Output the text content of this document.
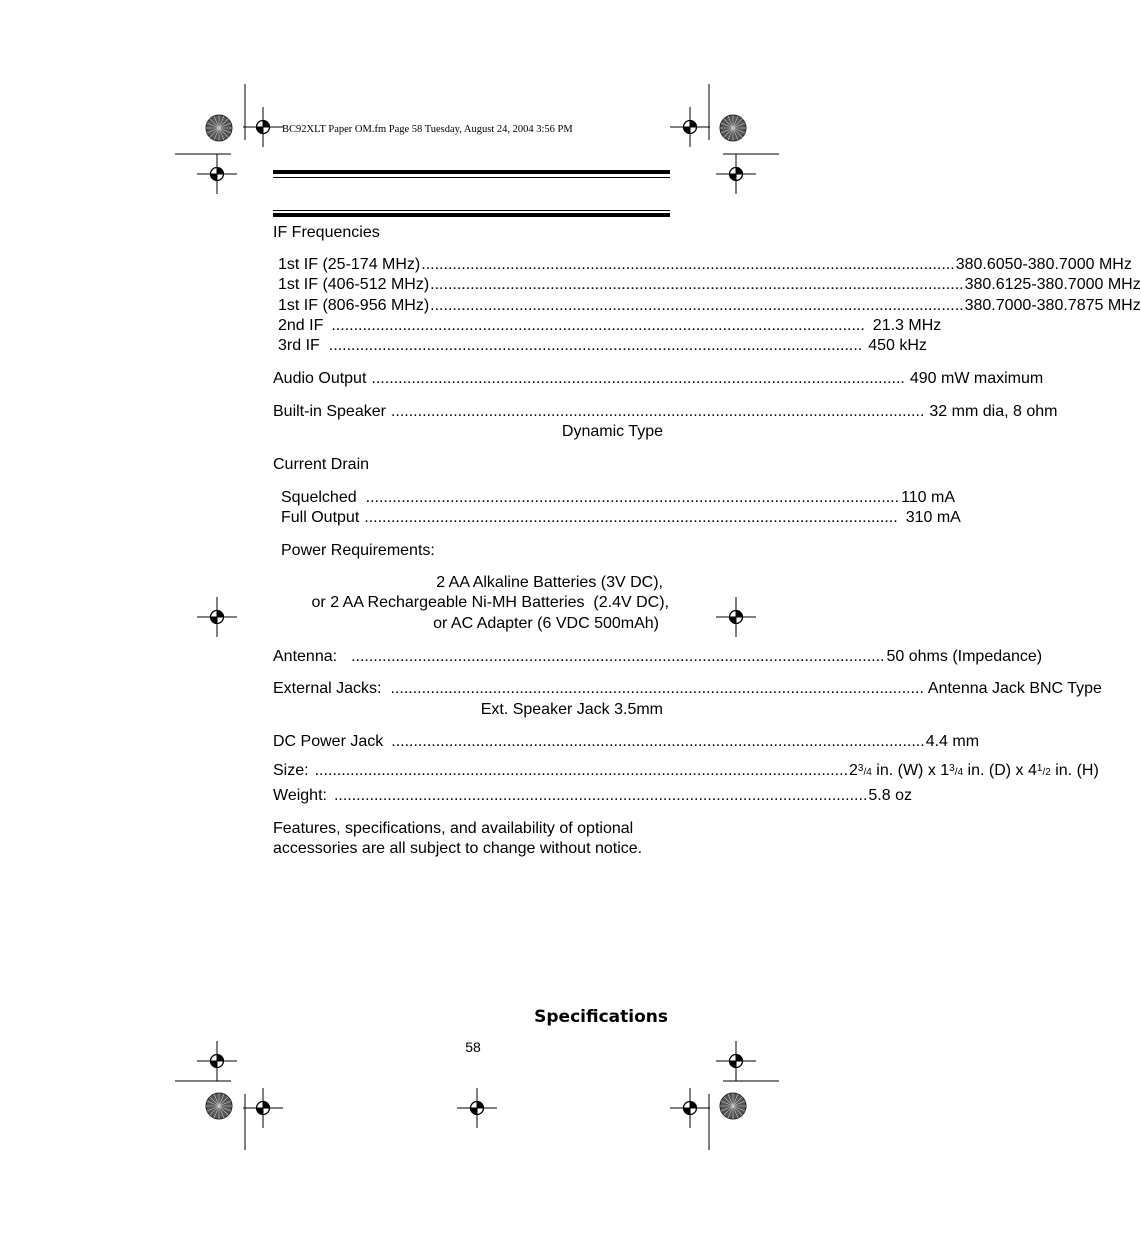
BC92XLT Paper OM.fm Page 58 Tuesday, August 24, 2004 3:56 PM
IF Frequencies
1st IF (25-174 MHz) ........................................................................................................................ 380.6050-380.7000 MHz
1st IF (406-512 MHz) ........................................................................................................................ 380.6125-380.7000 MHz
1st IF (806-956 MHz) ........................................................................................................................ 380.7000-380.7875 MHz
2nd IF ........................................................................................................................ 21.3 MHz
3rd IF ........................................................................................................................ 450 kHz
Audio Output ........................................................................................................................ 490 mW maximum
Built-in Speaker ........................................................................................................................ 32 mm dia, 8 ohm
Dynamic Type
Current Drain
Squelched ........................................................................................................................ 110 mA
Full Output ........................................................................................................................ 310 mA
Power Requirements:
2 AA Alkaline Batteries (3V DC),
or 2 AA Rechargeable Ni-MH Batteries  (2.4V DC),
or AC Adapter (6 VDC 500mAh)
Antenna: ........................................................................................................................ 50 ohms (Impedance)
External Jacks: ........................................................................................................................ Antenna Jack BNC Type
Ext. Speaker Jack 3.5mm
DC Power Jack ........................................................................................................................ 4.4 mm
Size: ........................................................................................................................ $2^3/4$ in. (W) x $1^3/4$ in. (D) x $4^1/2$ in. (H)
Weight: ........................................................................................................................ 5.8 oz
Features, specifications, and availability of optional
accessories are all subject to change without notice.
Specifications
58
